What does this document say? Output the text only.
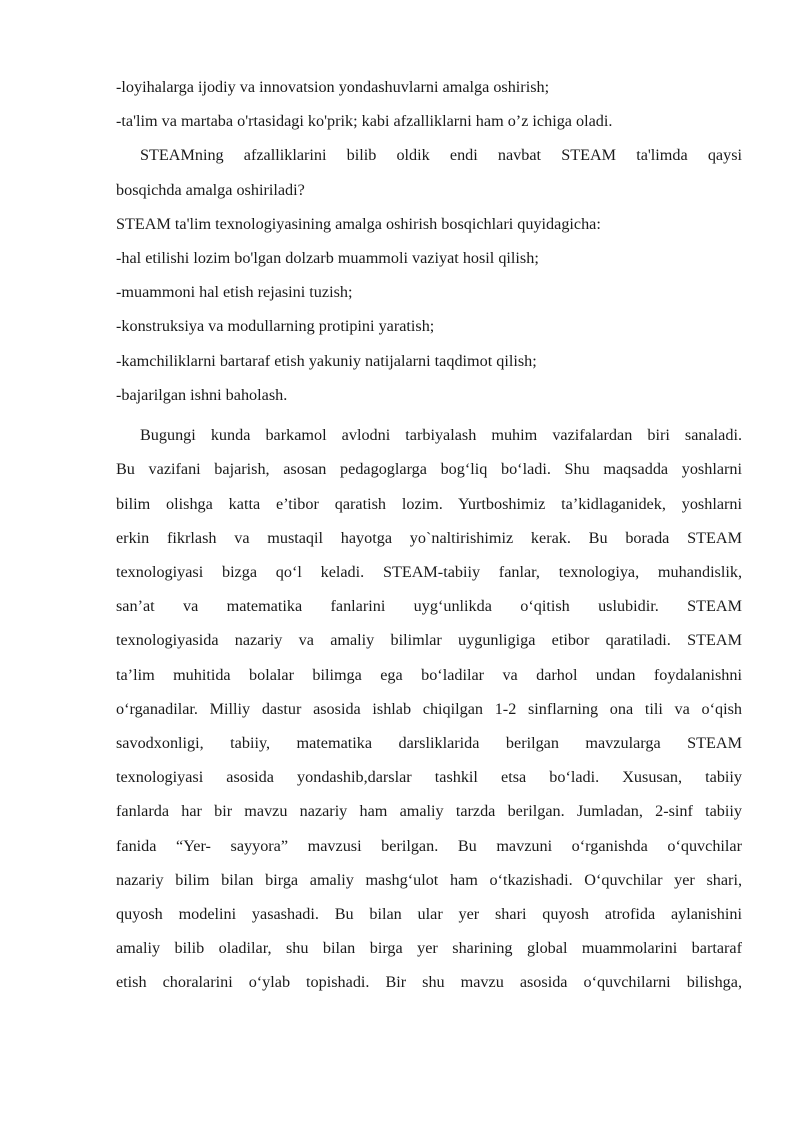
-loyihalarga ijodiy va innovatsion yondashuvlarni amalga oshirish;
-ta'lim va martaba o'rtasidagi ko'prik; kabi afzalliklarni ham o’z ichiga oladi.
STEAMning afzalliklarini bilib oldik endi navbat STEAM ta'limda qaysi
bosqichda amalga oshiriladi?
STEAM ta'lim texnologiyasining amalga oshirish bosqichlari quyidagicha:
-hal etilishi lozim bo'lgan dolzarb muammoli vaziyat hosil qilish;
-muammoni hal etish rejasini tuzish;
-konstruksiya va modullarning protipini yaratish;
-kamchiliklarni bartaraf etish yakuniy natijalarni taqdimot qilish;
-bajarilgan ishni baholash.
Bugungi kunda barkamol avlodni tarbiyalash muhim vazifalardan biri sanaladi.
Bu vazifani bajarish, asosan pedagoglarga bog‘liq bo‘ladi. Shu maqsadda yoshlarni
bilim olishga katta e’tibor qaratish lozim. Yurtboshimiz ta’kidlaganidek, yoshlarni
erkin fikrlash va mustaqil hayotga yo`naltirishimiz kerak. Bu borada STEAM
texnologiyasi bizga qo‘l keladi. STEAM-tabiiy fanlar, texnologiya, muhandislik,
san’at va matematika fanlarini uyg‘unlikda o‘qitish uslubidir. STEAM
texnologiyasida nazariy va amaliy bilimlar uygunligiga etibor qaratiladi. STEAM
ta’lim muhitida bolalar bilimga ega bo‘ladilar va darhol undan foydalanishni
o‘rganadilar. Milliy dastur asosida ishlab chiqilgan 1-2 sinflarning ona tili va o‘qish
savodxonligi, tabiiy, matematika darsliklarida berilgan mavzularga STEAM
texnologiyasi asosida yondashib,darslar tashkil etsa bo‘ladi. Xususan, tabiiy
fanlarda har bir mavzu nazariy ham amaliy tarzda berilgan. Jumladan, 2-sinf tabiiy
fanida “Yer- sayyora” mavzusi berilgan. Bu mavzuni o‘rganishda o‘quvchilar
nazariy bilim bilan birga amaliy mashg‘ulot ham o‘tkazishadi. O‘quvchilar yer shari,
quyosh modelini yasashadi. Bu bilan ular yer shari quyosh atrofida aylanishini
amaliy bilib oladilar, shu bilan birga yer sharining global muammolarini bartaraf
etish choralarini o‘ylab topishadi. Bir shu mavzu asosida o‘quvchilarni bilishga,
